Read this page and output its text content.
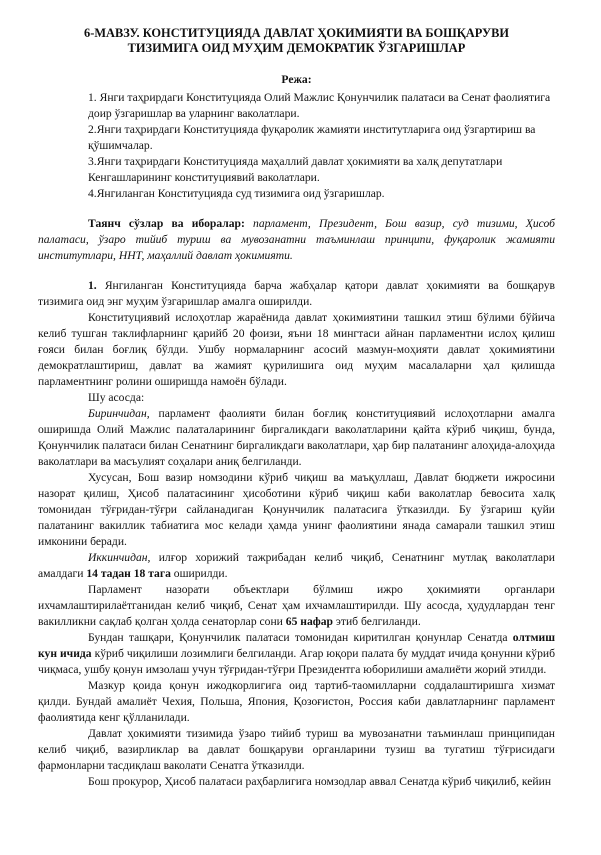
6-МАВЗУ. КОНСТИТУЦИЯДА ДАВЛАТ ҲОКИМИЯТИ ВА БОШҚАРУВИ
ТИЗИМИГА ОИД МУҲИМ ДЕМОКРАТИК ЎЗГАРИШЛАР
Режа:
1. Янги таҳрирдаги Конституцияда Олий Мажлис Қонунчилик палатаси ва Сенат фаолиятига доир ўзгаришлар ва уларнинг ваколатлари.
2.Янги таҳрирдаги Конституцияда фуқаролик жамияти институтларига оид ўзгартириш ва қўшимчалар.
3.Янги таҳрирдаги Конституцияда маҳаллий давлат ҳокимияти ва халқ депутатлари Кенгашларининг конституциявий ваколатлари.
4.Янгиланган Конституцияда суд тизимига оид ўзгаришлар.

Таянч сўзлар ва иборалар: парламент, Президент, Бош вазир, суд тизими, Ҳисоб палатаси, ўзаро тийиб туриш ва мувозанатни таъминлаш принципи, фуқаролик жамияти институтлари, ННТ, маҳаллий давлат ҳокимияти.

1. Янгиланган Конституцияда барча жабҳалар қатори давлат ҳокимияти ва бошқарув тизимига оид энг муҳим ўзгаришлар амалга оширилди.

Конституциявий ислоҳотлар жараёнида давлат ҳокимиятини ташкил этиш бўлими бўйича келиб тушган таклифларнинг қарийб 20 фоизи, яъни 18 мингтаси айнан парламентни ислоҳ қилиш ғояси билан боғлиқ бўлди. Ушбу нормаларнинг асосий мазмун-моҳияти давлат ҳокимиятини демократлаштириш, давлат ва жамият қурилишига оид муҳим масалаларни ҳал қилишда парламентнинг ролини оширишда намоён бўлади.

Шу асосда:

Биринчидан, парламент фаолияти билан боғлиқ конституциявий ислоҳотларни амалга оширишда Олий Мажлис палаталарининг биргаликдаги ваколатларини қайта кўриб чиқиш, бунда, Қонунчилик палатаси билан Сенатнинг биргаликдаги ваколатлари, ҳар бир палатанинг алоҳида-алоҳида ваколатлари ва масъулият соҳалари аниқ белгиланди.

Хусусан, Бош вазир номзодини кўриб чиқиш ва маъқуллаш, Давлат бюджети ижросини назорат қилиш, Ҳисоб палатасининг ҳисоботини кўриб чиқиш каби ваколатлар бевосита халқ томонидан тўғридан-тўғри сайланадиган Қонунчилик палатасига ўтказилди. Бу ўзгариш қуйи палатанинг вакиллик табиатига мос келади ҳамда унинг фаолиятини янада самарали ташкил этиш имконини беради.

Иккинчидан, илғор хорижий тажрибадан келиб чиқиб, Сенатнинг мутлақ ваколатлари амалдаги 14 тадан 18 тага оширилди.

Парламент назорати объектлари бўлмиш ижро ҳокимияти органлари ихчамлаштирилаётганидан келиб чиқиб, Сенат ҳам ихчамлаштирилди. Шу асосда, ҳудудлардан тенг вакилликни сақлаб қолган ҳолда сенаторлар сони 65 нафар этиб белгиланди.

Бундан ташқари, Қонунчилик палатаси томонидан киритилган қонунлар Сенатда олтмиш кун ичида кўриб чиқилиши лозимлиги белгиланди. Агар юқори палата бу муддат ичида қонунни кўриб чиқмаса, ушбу қонун имзолаш учун тўғридан-тўғри Президентга юборилиши амалиёти жорий этилди.

Мазкур қоида қонун ижодкорлигига оид тартиб-таомилларни соддалаштиришга хизмат қилди. Бундай амалиёт Чехия, Польша, Япония, Қозоғистон, Россия каби давлатларнинг парламент фаолиятида кенг қўлланилади.

Давлат ҳокимияти тизимида ўзаро тийиб туриш ва мувозанатни таъминлаш принципидан келиб чиқиб, вазирликлар ва давлат бошқаруви органларини тузиш ва тугатиш тўғрисидаги фармонларни тасдиқлаш ваколати Сенатга ўтказилди.

Бош прокурор, Ҳисоб палатаси раҳбарлигига номзодлар аввал Сенатда кўриб чиқилиб, кейин
